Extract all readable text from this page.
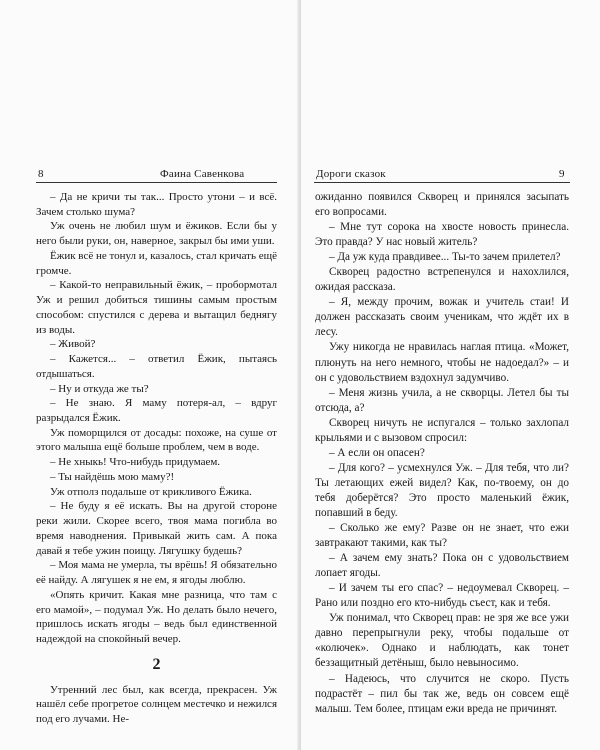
8	Фаина Савенкова

– Да не кричи ты так... Просто утони – и всё. Зачем столько шума?

Уж очень не любил шум и ёжиков. Если бы у него были руки, он, наверное, закрыл бы ими уши.

Ёжик всё не тонул и, казалось, стал кричать ещё громче.

– Какой-то неправильный ёжик, – пробормотал Уж и решил добиться тишины самым простым способом: спустился с дерева и вытащил беднягу из воды.

– Живой?

– Кажется... – ответил Ёжик, пытаясь отдышаться.

– Ну и откуда же ты?

– Не знаю. Я маму потеря-ал, – вдруг разрыдался Ёжик.

Уж поморщился от досады: похоже, на суше от этого малыша ещё больше проблем, чем в воде.

– Не хныкь! Что-нибудь придумаем.

– Ты найдёшь мою маму?!

Уж отполз подальше от крикливого Ёжика.

– Не буду я её искать. Вы на другой стороне реки жили. Скорее всего, твоя мама погибла во время наводнения. Привыкай жить сам. А пока давай я тебе ужин поищу. Лягушку будешь?

– Моя мама не умерла, ты врёшь! Я обязательно её найду. А лягушек я не ем, я ягоды люблю.

«Опять кричит. Какая мне разница, что там с его мамой», – подумал Уж. Но делать было нечего, пришлось искать ягоды – ведь был единственной надеждой на спокойный вечер.

2

Утренний лес был, как всегда, прекрасен. Уж нашёл себе прогретое солнцем местечко и нежился под его лучами. Не-

Дороги сказок	9

ожиданно появился Скворец и принялся засыпать его вопросами.

– Мне тут сорока на хвосте новость принесла. Это правда? У нас новый житель?

– Да уж куда правдивее... Ты-то зачем прилетел?

Скворец радостно встрепенулся и нахохлился, ожидая рассказа.

– Я, между прочим, вожак и учитель стаи! И должен рассказать своим ученикам, что ждёт их в лесу.

Ужу никогда не нравилась наглая птица. «Может, плюнуть на него немного, чтобы не надоедал?» – и он с удовольствием вздохнул задумчиво.

– Меня жизнь учила, а не скворцы. Летел бы ты отсюда, а?

Скворец ничуть не испугался – только захлопал крыльями и с вызовом спросил:

– А если он опасен?

– Для кого? – усмехнулся Уж. – Для тебя, что ли? Ты летающих ежей видел? Как, по-твоему, он до тебя доберётся? Это просто маленький ёжик, попавший в беду.

– Сколько же ему? Разве он не знает, что ежи завтракают такими, как ты?

– А зачем ему знать? Пока он с удовольствием лопает ягоды.

– И зачем ты его спас? – недоумевал Скворец. – Рано или поздно его кто-нибудь съест, как и тебя.

Уж понимал, что Скворец прав: не зря же все ужи давно перепрыгнули реку, чтобы подальше от «колючек». Однако и наблюдать, как тонет беззащитный детёныш, было невыносимо.

– Надеюсь, что случится не скоро. Пусть подрастёт – пил бы так же, ведь он совсем ещё малыш. Тем более, птицам ежи вреда не причинят.
